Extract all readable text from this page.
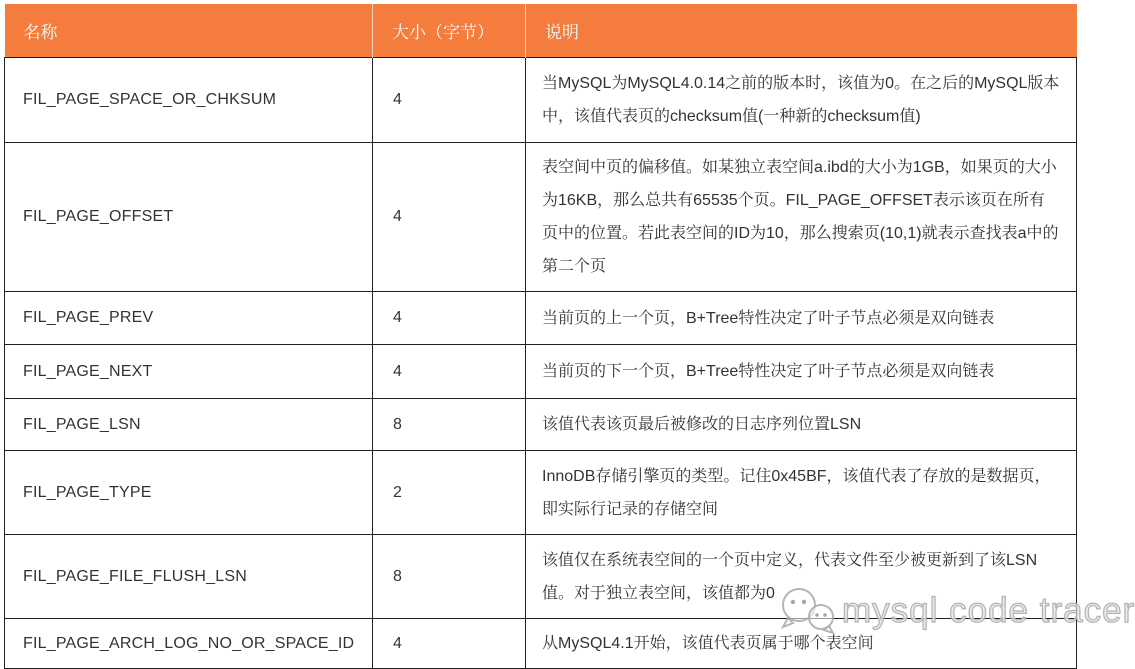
名称	大小（字节）	说明
FIL_PAGE_SPACE_OR_CHKSUM	4	当MySQL为MySQL4.0.14之前的版本时，该值为0。在之后的MySQL版本中，该值代表页的checksum值(一种新的checksum值)
FIL_PAGE_OFFSET	4	表空间中页的偏移值。如某独立表空间a.ibd的大小为1GB，如果页的大小为16KB，那么总共有65535个页。FIL_PAGE_OFFSET表示该页在所有页中的位置。若此表空间的ID为10，那么搜索页(10,1)就表示查找表a中的第二个页
FIL_PAGE_PREV	4	当前页的上一个页，B+Tree特性决定了叶子节点必须是双向链表
FIL_PAGE_NEXT	4	当前页的下一个页，B+Tree特性决定了叶子节点必须是双向链表
FIL_PAGE_LSN	8	该值代表该页最后被修改的日志序列位置LSN
FIL_PAGE_TYPE	2	InnoDB存储引擎页的类型。记住0x45BF，该值代表了存放的是数据页，即实际行记录的存储空间
FIL_PAGE_FILE_FLUSH_LSN	8	该值仅在系统表空间的一个页中定义，代表文件至少被更新到了该LSN值。对于独立表空间，该值都为0
FIL_PAGE_ARCH_LOG_NO_OR_SPACE_ID	4	从MySQL4.1开始，该值代表页属于哪个表空间
mysql code tracer
